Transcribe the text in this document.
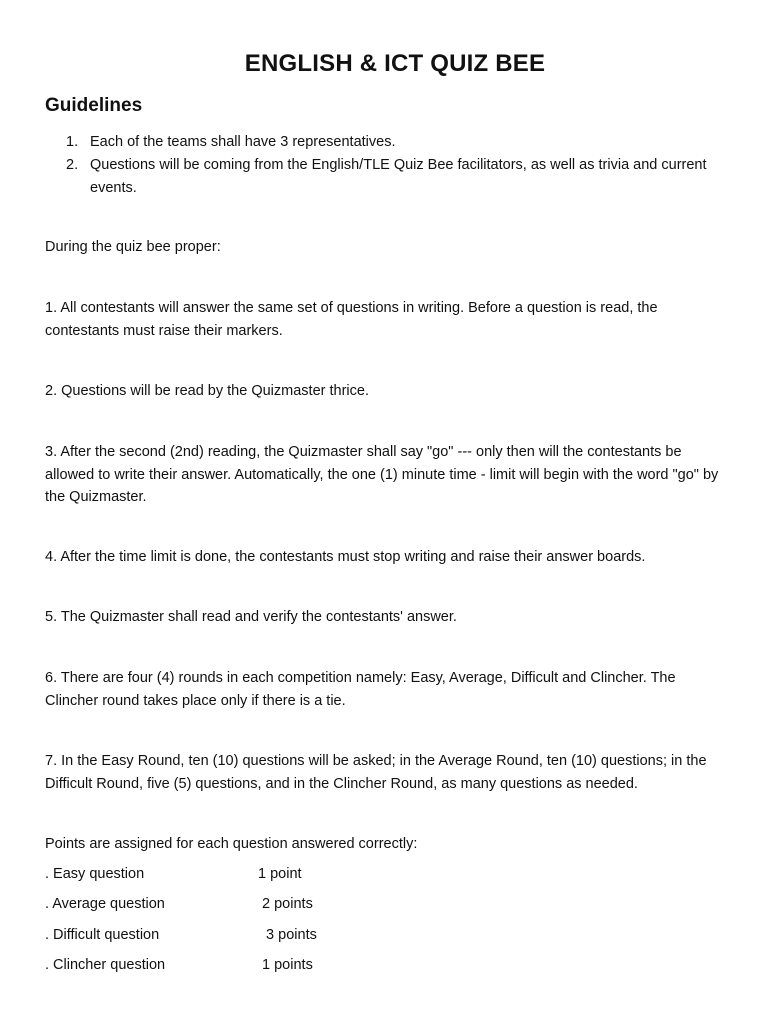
ENGLISH & ICT QUIZ BEE
Guidelines
1. Each of the teams shall have 3 representatives.
2. Questions will be coming from the English/TLE Quiz Bee facilitators, as well as trivia and current events.

During the quiz bee proper:

1. All contestants will answer the same set of questions in writing. Before a question is read, the contestants must raise their markers.

2. Questions will be read by the Quizmaster thrice.

3. After the second (2nd) reading, the Quizmaster shall say "go" --- only then will the contestants be allowed to write their answer. Automatically, the one (1) minute time - limit will begin with the word "go" by the Quizmaster.

4. After the time limit is done, the contestants must stop writing and raise their answer boards.

5. The Quizmaster shall read and verify the contestants' answer.

6. There are four (4) rounds in each competition namely: Easy, Average, Difficult and Clincher. The Clincher round takes place only if there is a tie.

7. In the Easy Round, ten (10) questions will be asked; in the Average Round, ten (10) questions; in the Difficult Round, five (5) questions, and in the Clincher Round, as many questions as needed.

Points are assigned for each question answered correctly:

. Easy question	1 point
. Average question	2 points
. Difficult question	3 points
. Clincher question	1 points
